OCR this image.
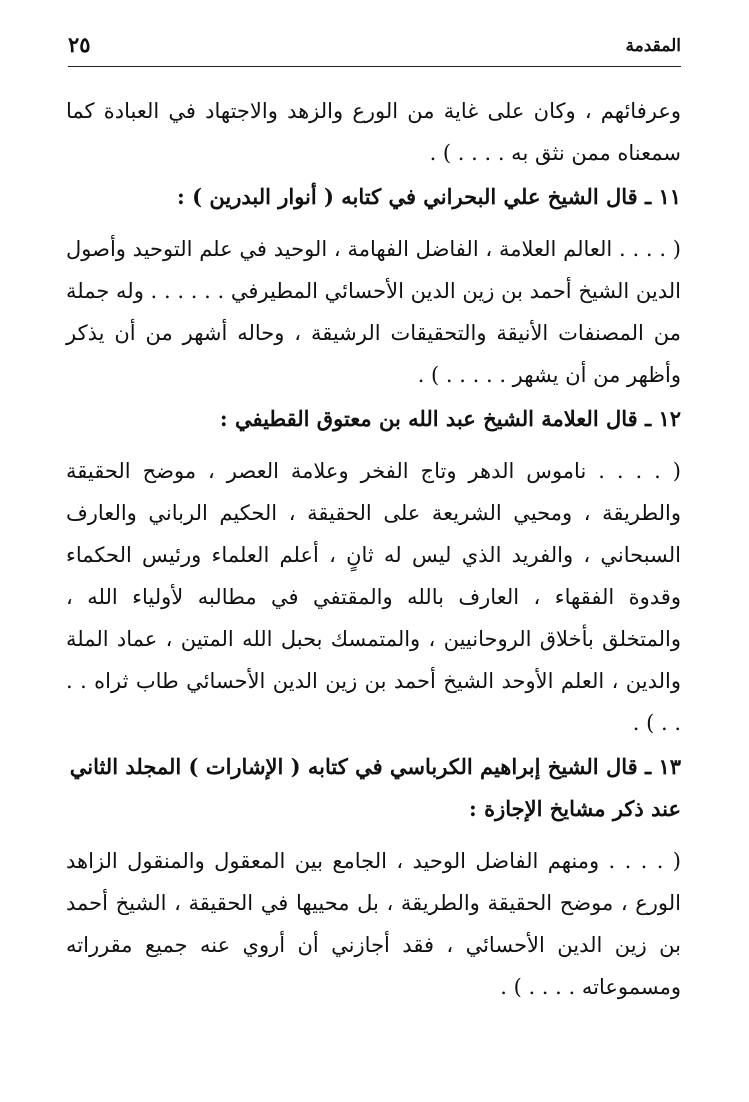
٢٥	المقدمة

وعرفائهم ، وكان على غاية من الورع والزهد والاجتهاد في العبادة كما سمعناه ممن نثق به . . . . ) .

١١ ـ قال الشيخ علي البحراني في كتابه ( أنوار البدرين ) :

( . . . . العالم العلامة ، الفاضل الفهامة ، الوحيد في علم التوحيد وأصول الدين الشيخ أحمد بن زين الدين الأحسائي المطيرفي . . . . . . وله جملة من المصنفات الأنيقة والتحقيقات الرشيقة ، وحاله أشهر من أن يذكر وأظهر من أن يشهر . . . . . ) .

١٢ ـ قال العلامة الشيخ عبد الله بن معتوق القطيفي :

( . . . . ناموس الدهر وتاج الفخر وعلامة العصر ، موضح الحقيقة والطريقة ، ومحيي الشريعة على الحقيقة ، الحكيم الرباني والعارف السبحاني ، والفريد الذي ليس له ثانٍ ، أعلم العلماء ورئيس الحكماء وقدوة الفقهاء ، العارف بالله والمقتفي في مطالبه لأولياء الله ، والمتخلق بأخلاق الروحانيين ، والمتمسك بحبل الله المتين ، عماد الملة والدين ، العلم الأوحد الشيخ أحمد بن زين الدين الأحسائي طاب ثراه . . . . ) .

١٣ ـ قال الشيخ إبراهيم الكرباسي في كتابه ( الإشارات ) المجلد الثاني عند ذكر مشايخ الإجازة :

( . . . . ومنهم الفاضل الوحيد ، الجامع بين المعقول والمنقول الزاهد الورع ، موضح الحقيقة والطريقة ، بل محييها في الحقيقة ، الشيخ أحمد بن زين الدين الأحسائي ، فقد أجازني أن أروي عنه جميع مقرراته ومسموعاته . . . . ) .
